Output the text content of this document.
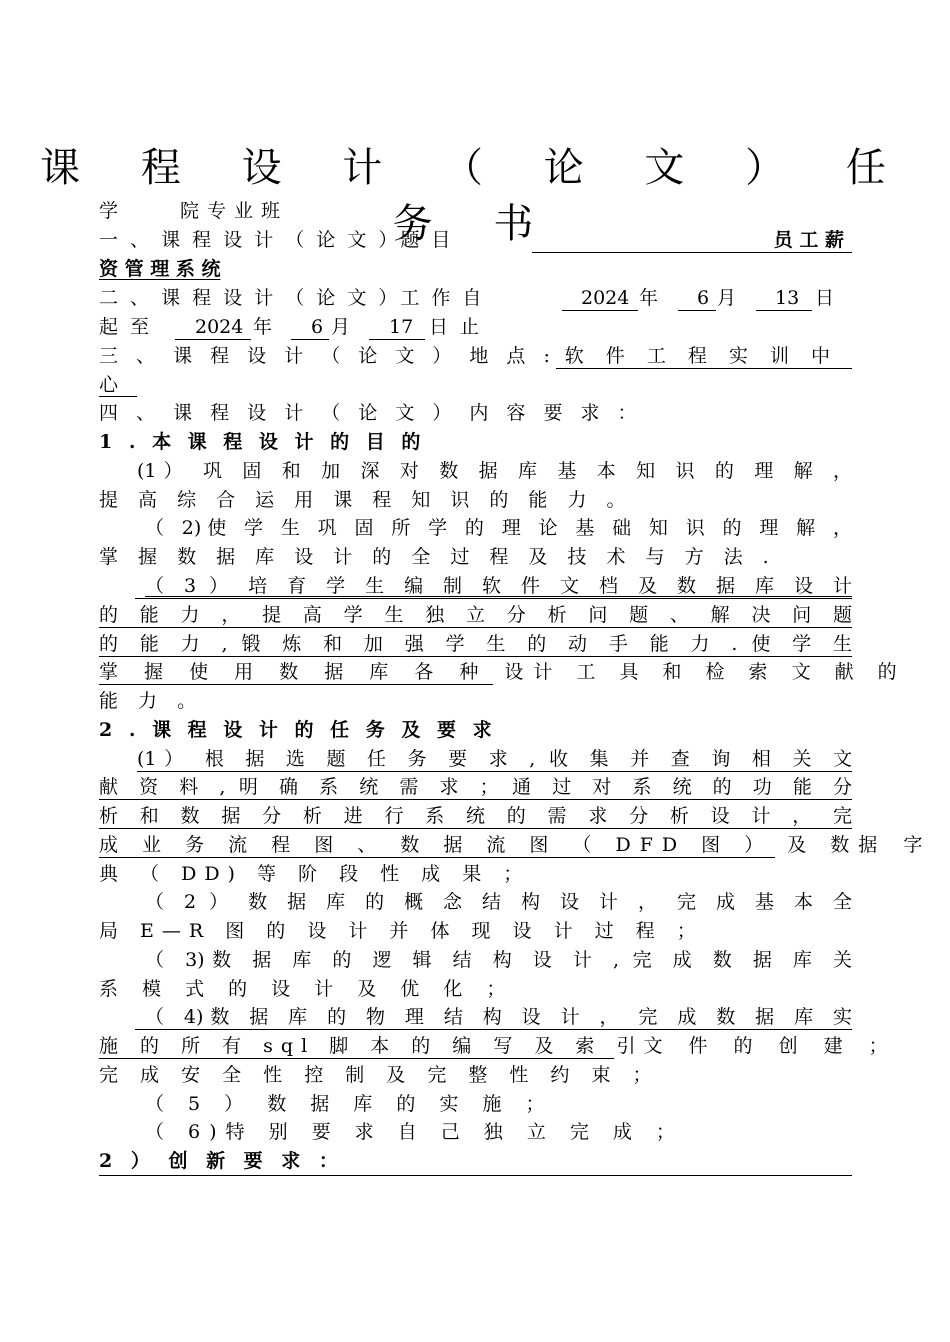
课 程 设 计 （ 论 文 ） 任 务 书
学　　院专业班
一 、 课 程 设 计 （ 论 文 ）题 目	员 工 薪
资 管 理 系 统
二 、 课 程 设 计 （ 论 文 ）工 作 自	2024 年 6 月 13 日
起 至 2024 年 6 月 17 日 止
三 、 课 程 设 计 （ 论 文 ） 地 点 : 软 件 工 程 实 训 中
心
四 、 课 程 设 计 （ 论 文 ） 内 容 要 求 ：
1 . 本 课 程 设 计 的 目 的
(1） 巩 固 和 加 深 对 数 据 库 基 本 知 识 的 理 解 ，
提 高 综 合 运 用 课 程 知 识 的 能 力 。
（ 2)使 学 生 巩 固 所 学 的 理 论 基 础 知 识 的 理 解 ，
掌 握 数 据 库 设 计 的 全 过 程 及 技 术 与 方 法 .
（ 3 ） 培 育 学 生 编 制 软 件 文 档 及 数 据 库 设 计
的 能 力 ， 提 高 学 生 独 立 分 析 问 题 、 解 决 问 题
的 能 力 , 锻 炼 和 加 强 学 生 的 动 手 能 力 . 使 学 生
掌 握 使 用 数 据 库 各 种 设计 工 具 和 检 索 文 献 的
能 力 。
2 . 课 程 设 计 的 任 务 及 要 求
(1） 根 据 选 题 任 务 要 求 , 收 集 并 查 询 相 关 文
献 资 料 , 明 确 系 统 需 求 ； 通 过 对 系 统 的 功 能 分
析 和 数 据 分 析 进 行 系 统 的 需 求 分 析 设 计 ， 完
成 业 务 流 程 图 、 数 据 流 图 （ DFD 图 ） 及 数据 字
典 （ DD) 等 阶 段 性 成 果 ；
（ 2 ） 数 据 库 的 概 念 结 构 设 计 ， 完 成 基 本 全
局 E—R 图 的 设 计 并 体 现 设 计 过 程 ；
（ 3)数 据 库 的 逻 辑 结 构 设 计 , 完 成 数 据 库 关
系 模 式 的 设 计 及 优 化 ；
（ 4)数 据 库 的 物 理 结 构 设 计 ， 完 成 数 据 库 实
施 的 所 有 sql 脚 本 的 编 写 及 索 引文 件 的 创 建 ；
完 成 安 全 性 控 制 及 完 整 性 约 束 ；
（ 5 ） 数 据 库 的 实 施 ；
（ 6)特 别 要 求 自 己 独 立 完 成 ；
2 ） 创 新 要 求 ：
